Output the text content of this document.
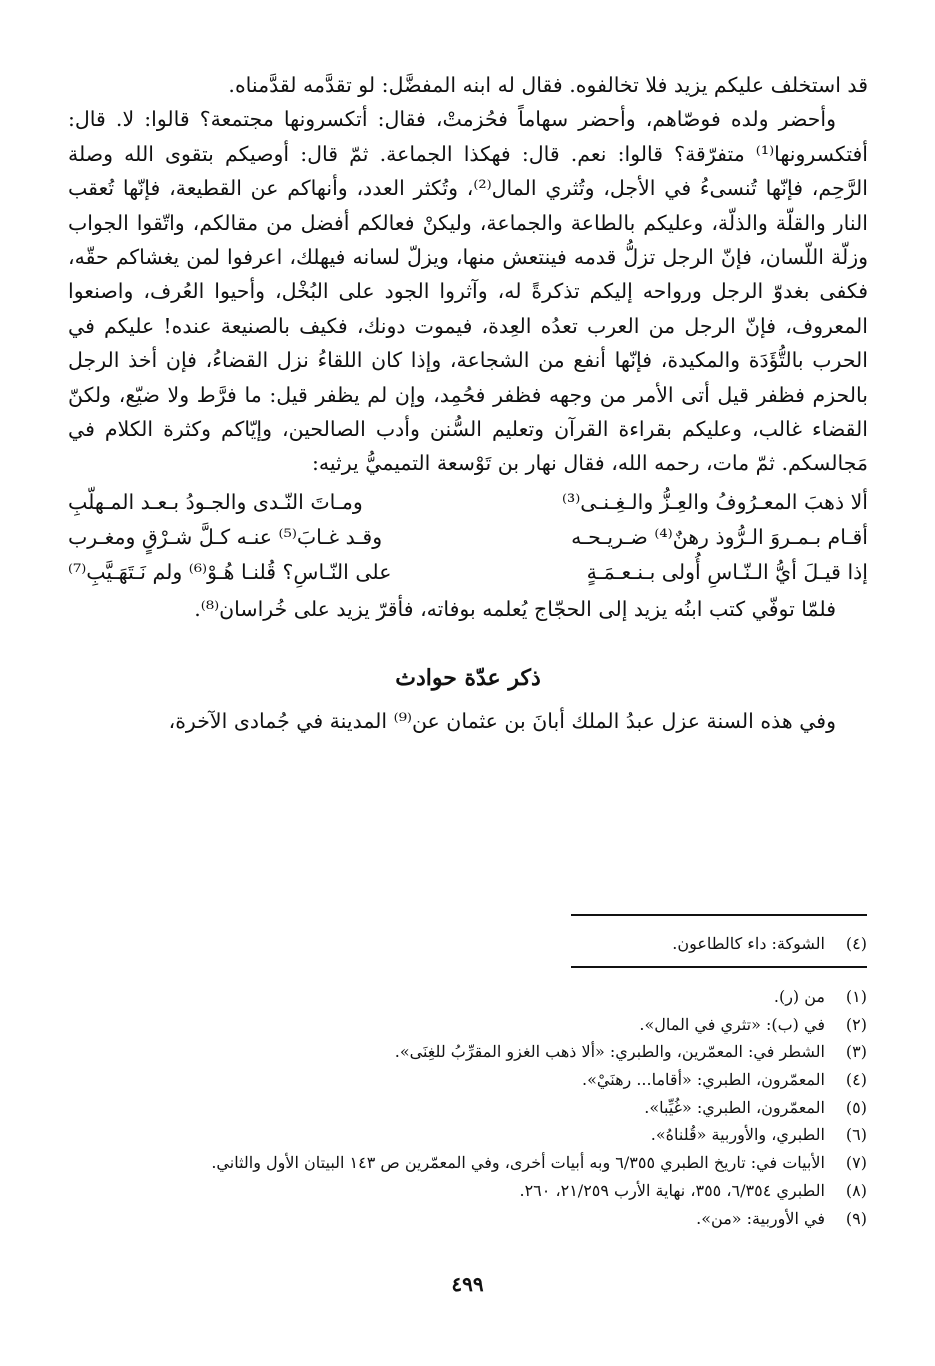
قد استخلف عليكم يزيد فلا تخالفوه. فقال له ابنه المفضَّل: لو تقدَّمه لقدَّمناه.

وأحضر ولده فوصّاهم، وأحضر سهاماً فحُزمتْ، فقال: أتكسرونها مجتمعة؟ قالوا: لا. قال: أفتكسرونها⁽¹⁾ متفرّقة؟ قالوا: نعم. قال: فهكذا الجماعة. ثمّ قال: أوصيكم بتقوى الله وصلة الرَّحِم، فإنّها تُنسىءُ في الأجل، وتُثري المال⁽²⁾، وتُكثر العدد، وأنهاكم عن القطيعة، فإنّها تُعقب النار والقلّة والذلّة، وعليكم بالطاعة والجماعة، وليكنْ فعالكم أفضل من مقالكم، واتّقوا الجواب وزلّة اللّسان، فإنّ الرجل تزلُّ قدمه فينتعش منها، ويزلّ لسانه فيهلك، اعرفوا لمن يغشاكم حقّه، فكفى بغدوّ الرجل ورواحه إليكم تذكرةً له، وآثروا الجود على البُخْل، وأحيوا العُرف، واصنعوا المعروف، فإنّ الرجل من العرب تعدُه العِدة، فيموت دونك، فكيف بالصنيعة عنده! عليكم في الحرب بالتُّؤَدَة والمكيدة، فإنّها أنفع من الشجاعة، وإذا كان اللقاءُ نزل القضاءُ، فإن أخذ الرجل بالحزم فظفر قيل أتى الأمر من وجهه فظفر فحُمِد، وإن لم يظفر قيل: ما فرَّط ولا ضيّع، ولكنّ القضاء غالب، وعليكم بقراءة القرآن وتعليم السُّنن وأدب الصالحين، وإيّاكم وكثرة الكلام في مَجالسكم. ثمّ مات، رحمه الله، فقال نهار بن تَوْسعة التميميُّ يرثيه:

ألا ذهبَ المعـرُوفُ والعِـزُّ والـغِـنـى⁽³⁾
ومـاتَ النّـدى والجـودُ بـعـد المـهلّبِ
أقـام بـمـروَ الـرُّوذ رهنٌ⁽⁴⁾ ضـريـحـه
وقـد غـابَ⁽⁵⁾ عنـه كـلَّ شـرْقٍ ومغـرب
إذا قيـلَ أيُّ الـنّـاسِ أُولى بـنـعـمَـةٍ
على النّـاسِ؟ قُلنـا هُـوْ⁽⁶⁾ ولم نَـتَهَـيَّبِ⁽⁷⁾

فلمّا توفّي كتب ابنُه يزيد إلى الحجّاج يُعلمه بوفاته، فأقرّ يزيد على خُراسان⁽⁸⁾.

ذكر عدّة حوادث

وفي هذه السنة عزل عبدُ الملك أبانَ بن عثمان عن⁽⁹⁾ المدينة في جُمادى الآخرة،

(٤)
الشوكة: داء كالطاعون.
(١)
من (ر).
(٢)
في (ب): «تثري في المال».
(٣)
الشطر في: المعمّرين، والطبري: «ألا ذهب الغزو المقرِّبُ للغِنَى».
(٤)
المعمّرون، الطبري: «أقاما... رهنَيْ».
(٥)
المعمّرون، الطبري: «غُيِّبا».
(٦)
الطبري، والأوربية «قُلناهُ».
(٧)
الأبيات في: تاريخ الطبري ٦/٣٥٥ وبه أبيات أخرى، وفي المعمّرين ص ١٤٣ البيتان الأول والثاني.
(٨)
الطبري ٦/٣٥٤، ٣٥٥، نهاية الأرب ٢١/٢٥٩، ٢٦٠.
(٩)
في الأوربية: «من».
٤٩٩
